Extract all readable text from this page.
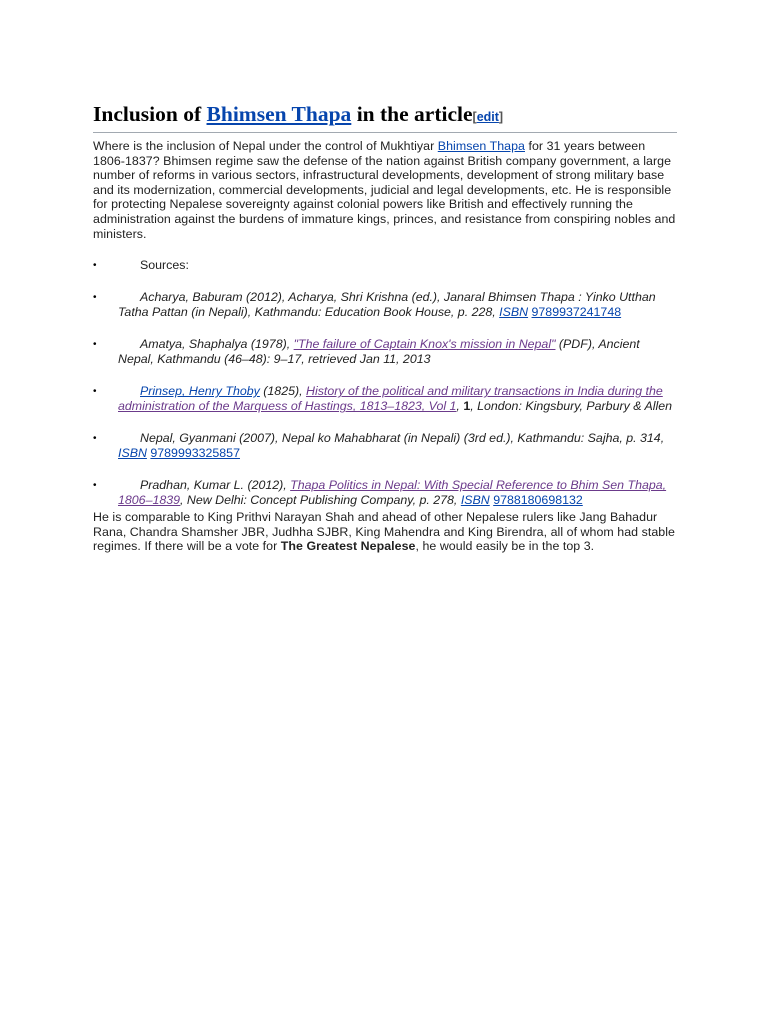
Inclusion of Bhimsen Thapa in the article[edit]

Where is the inclusion of Nepal under the control of Mukhtiyar Bhimsen Thapa for 31 years between 1806-1837? Bhimsen regime saw the defense of the nation against British company government, a large number of reforms in various sectors, infrastructural developments, development of strong military base and its modernization, commercial developments, judicial and legal developments, etc. He is responsible for protecting Nepalese sovereignty against colonial powers like British and effectively running the administration against the burdens of immature kings, princes, and resistance from conspiring nobles and ministers.

•	Sources:
•	Acharya, Baburam (2012), Acharya, Shri Krishna (ed.), Janaral Bhimsen Thapa : Yinko Utthan Tatha Pattan (in Nepali), Kathmandu: Education Book House, p. 228, ISBN 9789937241748
•	Amatya, Shaphalya (1978), "The failure of Captain Knox's mission in Nepal" (PDF), Ancient Nepal, Kathmandu (46–48): 9–17, retrieved Jan 11, 2013
•	Prinsep, Henry Thoby (1825), History of the political and military transactions in India during the administration of the Marquess of Hastings, 1813–1823, Vol 1, 1, London: Kingsbury, Parbury & Allen
•	Nepal, Gyanmani (2007), Nepal ko Mahabharat (in Nepali) (3rd ed.), Kathmandu: Sajha, p. 314, ISBN 9789993325857
•	Pradhan, Kumar L. (2012), Thapa Politics in Nepal: With Special Reference to Bhim Sen Thapa, 1806–1839, New Delhi: Concept Publishing Company, p. 278, ISBN 9788180698132

He is comparable to King Prithvi Narayan Shah and ahead of other Nepalese rulers like Jang Bahadur Rana, Chandra Shamsher JBR, Judhha SJBR, King Mahendra and King Birendra, all of whom had stable regimes. If there will be a vote for The Greatest Nepalese, he would easily be in the top 3.
